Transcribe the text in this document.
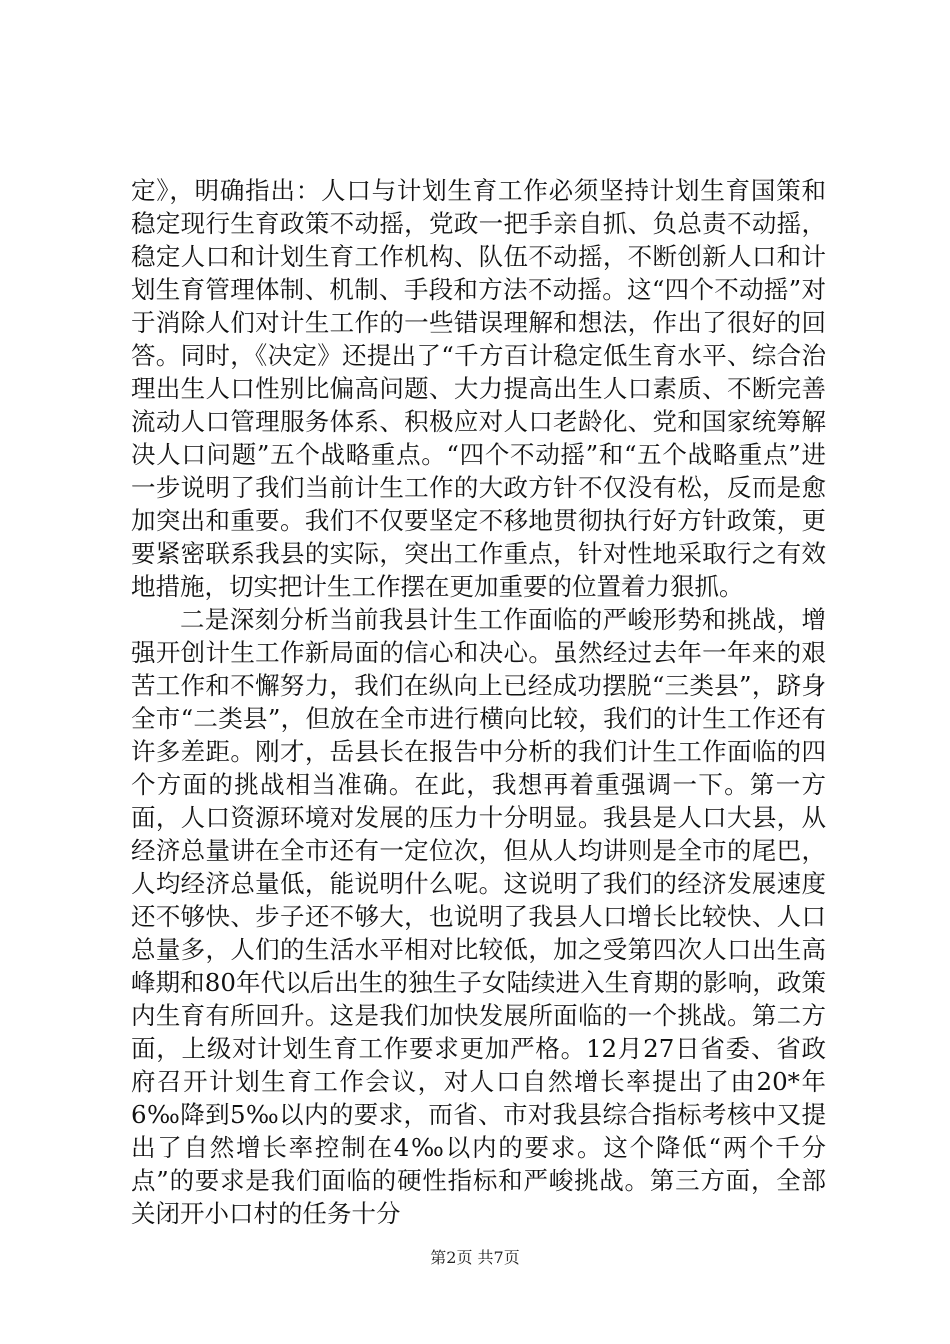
定》，明确指出：人口与计划生育工作必须坚持计划生育国策和稳定现行生育政策不动摇，党政一把手亲自抓、负总责不动摇，稳定人口和计划生育工作机构、队伍不动摇，不断创新人口和计划生育管理体制、机制、手段和方法不动摇。这“四个不动摇”对于消除人们对计生工作的一些错误理解和想法，作出了很好的回答。同时，《决定》还提出了“千方百计稳定低生育水平、综合治理出生人口性别比偏高问题、大力提高出生人口素质、不断完善流动人口管理服务体系、积极应对人口老龄化、党和国家统筹解决人口问题”五个战略重点。“四个不动摇”和“五个战略重点”进一步说明了我们当前计生工作的大政方针不仅没有松，反而是愈加突出和重要。我们不仅要坚定不移地贯彻执行好方针政策，更要紧密联系我县的实际，突出工作重点，针对性地采取行之有效地措施，切实把计生工作摆在更加重要的位置着力狠抓。

二是深刻分析当前我县计生工作面临的严峻形势和挑战，增强开创计生工作新局面的信心和决心。虽然经过去年一年来的艰苦工作和不懈努力，我们在纵向上已经成功摆脱“三类县”，跻身全市“二类县”，但放在全市进行横向比较，我们的计生工作还有许多差距。刚才，岳县长在报告中分析的我们计生工作面临的四个方面的挑战相当准确。在此，我想再着重强调一下。第一方面，人口资源环境对发展的压力十分明显。我县是人口大县，从经济总量讲在全市还有一定位次，但从人均讲则是全市的尾巴，人均经济总量低，能说明什么呢。这说明了我们的经济发展速度还不够快、步子还不够大，也说明了我县人口增长比较快、人口总量多，人们的生活水平相对比较低，加之受第四次人口出生高峰期和80年代以后出生的独生子女陆续进入生育期的影响，政策内生育有所回升。这是我们加快发展所面临的一个挑战。第二方面，上级对计划生育工作要求更加严格。12月27日省委、省政府召开计划生育工作会议，对人口自然增长率提出了由20*年6‰降到5‰以内的要求，而省、市对我县综合指标考核中又提出了自然增长率控制在4‰以内的要求。这个降低“两个千分点”的要求是我们面临的硬性指标和严峻挑战。第三方面，全部关闭开小口村的任务十分

第2页 共7页
